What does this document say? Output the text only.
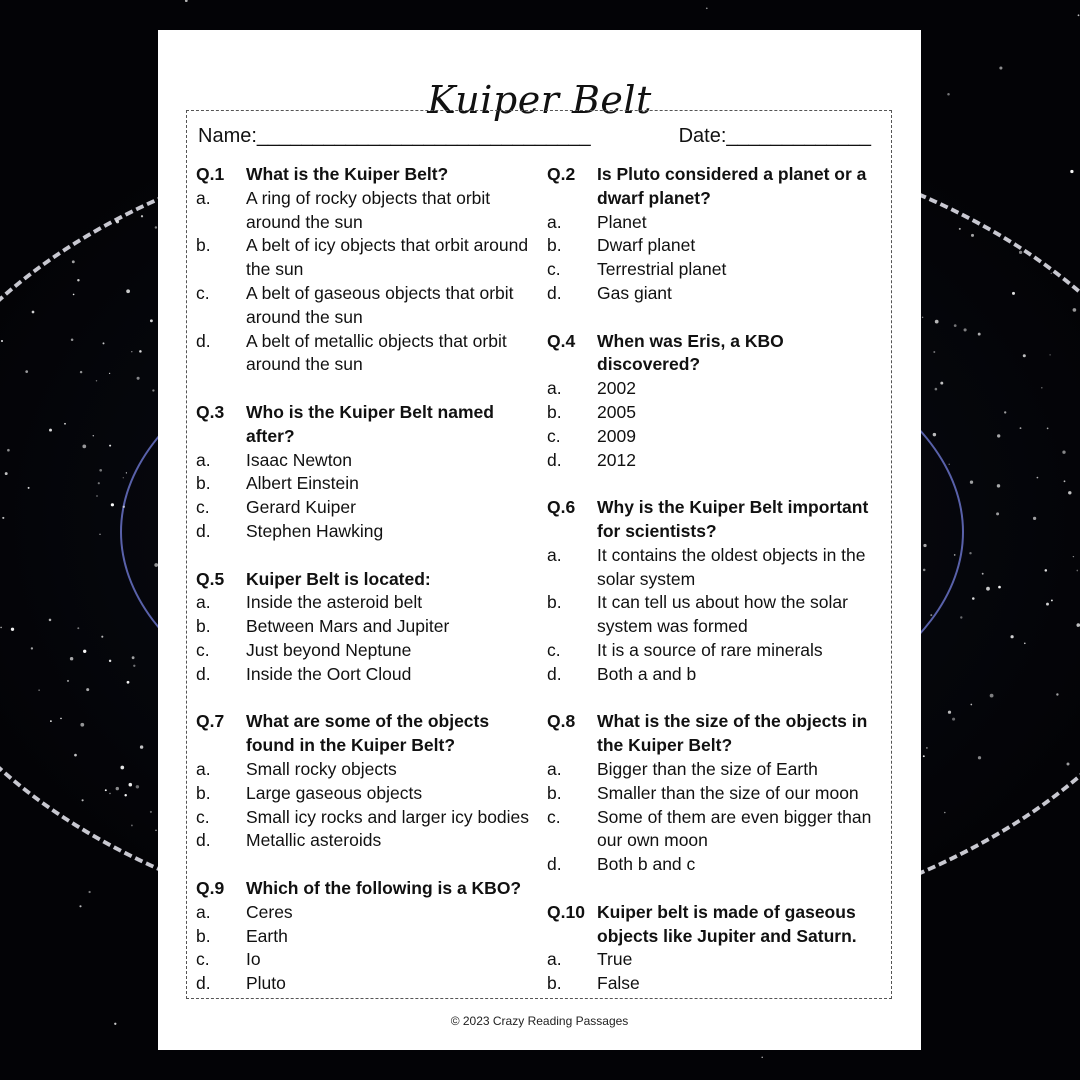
Kuiper Belt
Name:______________________________	Date:_____________
Q.1	What is the Kuiper Belt?
a.	A ring of rocky objects that orbit around the sun
b.	A belt of icy objects that orbit around the sun
c.	A belt of gaseous objects that orbit around the sun
d.	A belt of metallic objects that orbit around the sun
Q.3	Who is the Kuiper Belt named after?
a.	Isaac Newton
b.	Albert Einstein
c.	Gerard Kuiper
d.	Stephen Hawking
Q.5	Kuiper Belt is located:
a.	Inside the asteroid belt
b.	Between Mars and Jupiter
c.	Just beyond Neptune
d.	Inside the Oort Cloud
Q.7	What are some of the objects found in the Kuiper Belt?
a.	Small rocky objects
b.	Large gaseous objects
c.	Small icy rocks and larger icy bodies
d.	Metallic asteroids
Q.9	Which of the following is a KBO?
a.	Ceres
b.	Earth
c.	Io
d.	Pluto
Q.2	Is Pluto considered a planet or a dwarf planet?
a.	Planet
b.	Dwarf planet
c.	Terrestrial planet
d.	Gas giant
Q.4	When was Eris, a KBO discovered?
a.	2002
b.	2005
c.	2009
d.	2012
Q.6	Why is the Kuiper Belt important for scientists?
a.	It contains the oldest objects in the solar system
b.	It can tell us about how the solar system was formed
c.	It is a source of rare minerals
d.	Both a and b
Q.8	What is the size of the objects in the Kuiper Belt?
a.	Bigger than the size of Earth
b.	Smaller than the size of our moon
c.	Some of them are even bigger than our own moon
d.	Both b and c
Q.10 Kuiper belt is made of gaseous objects like Jupiter and Saturn.
a.	True
b.	False
© 2023 Crazy Reading Passages
